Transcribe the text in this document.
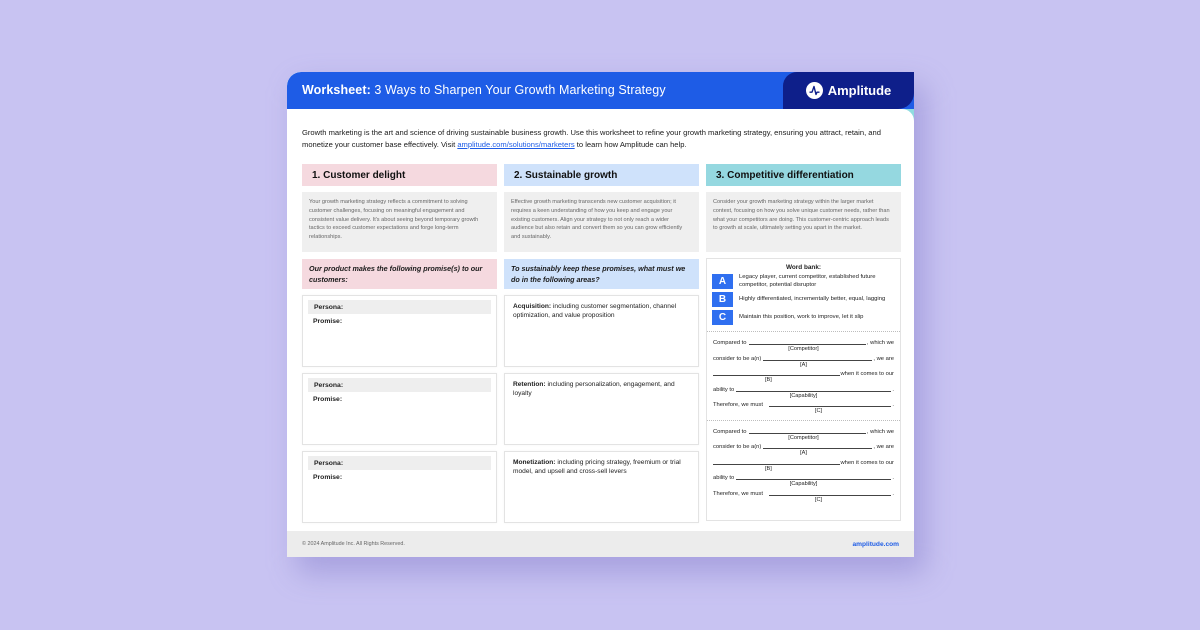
Worksheet: 3 Ways to Sharpen Your Growth Marketing Strategy	Amplitude
Growth marketing is the art and science of driving sustainable business growth. Use this worksheet to refine your growth marketing strategy, ensuring you attract, retain, and monetize your customer base effectively. Visit amplitude.com/solutions/marketers to learn how Amplitude can help.
1. Customer delight
Your growth marketing strategy reflects a commitment to solving customer challenges, focusing on meaningful engagement and consistent value delivery. It's about seeing beyond temporary growth tactics to exceed customer expectations and forge long-term relationships.
Our product makes the following promise(s) to our customers:
Persona:
Promise:
Persona:
Promise:
Persona:
Promise:
2. Sustainable growth
Effective growth marketing transcends new customer acquisition; it requires a keen understanding of how you keep and engage your existing customers. Align your strategy to not only reach a wider audience but also retain and convert them so you can grow efficiently and sustainably.
To sustainably keep these promises, what must we do in the following areas?
Acquisition: including customer segmentation, channel optimization, and value proposition
Retention: including personalization, engagement, and loyalty
Monetization: including pricing strategy, freemium or trial model, and upsell and cross-sell levers
3. Competitive differentiation
Consider your growth marketing strategy within the larger market context, focusing on how you solve unique customer needs, rather than what your competitors are doing. This customer-centric approach leads to growth at scale, ultimately setting you apart in the market.
Word bank:
A	Legacy player, current competitor, established future competitor, potential disruptor
B	Highly differentiated, incrementally better, equal, lagging
C	Maintain this position, work to improve, let it slip
Compared to	, which we
[Competitor]
consider to be a(n)	, we are
[A]
when it comes to our
[B]
ability to	.
[Capability]
Therefore, we must	.
[C]
Compared to	, which we
[Competitor]
consider to be a(n)	, we are
[A]
when it comes to our
[B]
ability to	.
[Capability]
Therefore, we must	.
[C]
© 2024 Amplitude Inc. All Rights Reserved.	amplitude.com
